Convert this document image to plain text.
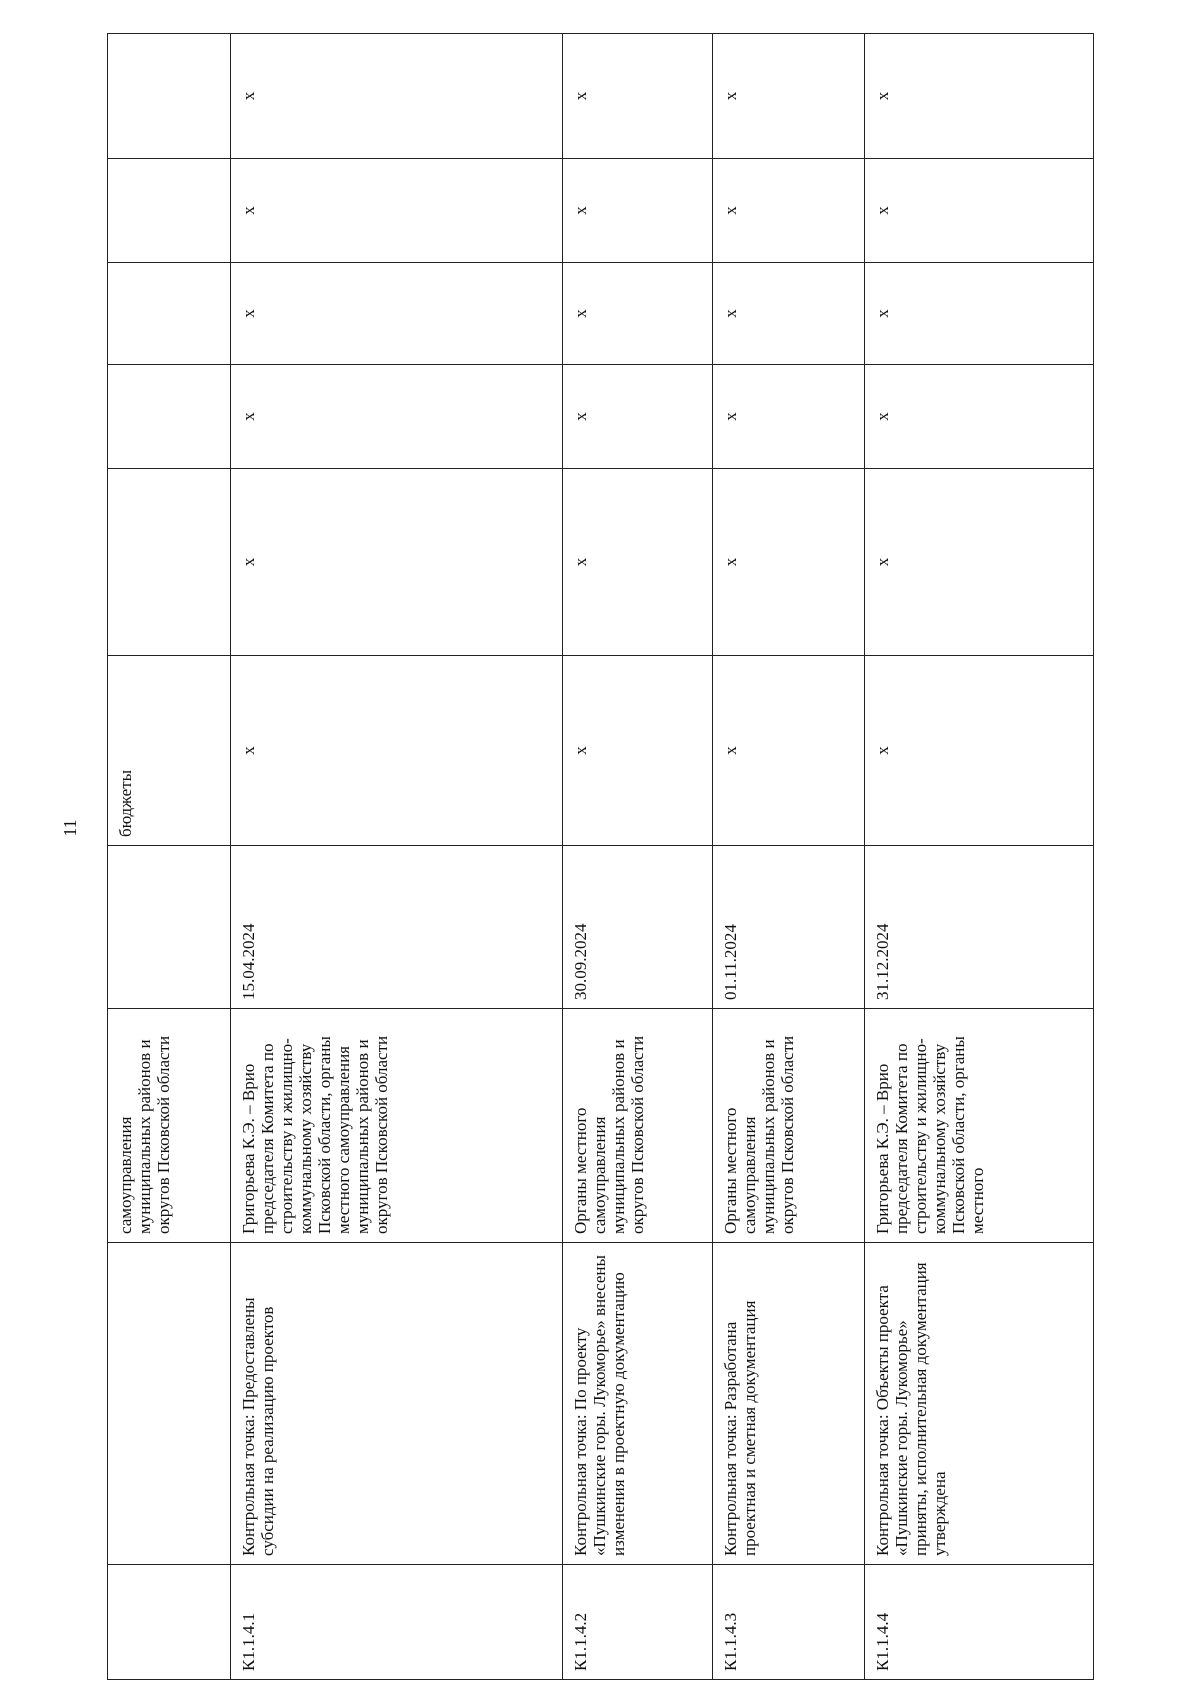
11
		самоуправления муниципальных районов и округов Псковской области		бюджеты					
К1.1.4.1	Контрольная точка: Предоставлены субсидии на реализацию проектов	Григорьева К.Э. – Врио председателя Комитета по строительству и жилищно-коммунальному хозяйству Псковской области, органы местного самоуправления муниципальных районов и округов Псковской области	15.04.2024	х	х	х	х	х	х
К1.1.4.2	Контрольная точка: По проекту «Пушкинские горы. Лукоморье» внесены изменения в проектную документацию	Органы местного самоуправления муниципальных районов и округов Псковской области	30.09.2024	х	х	х	х	х	х
К1.1.4.3	Контрольная точка: Разработана проектная и сметная документация	Органы местного самоуправления муниципальных районов и округов Псковской области	01.11.2024	х	х	х	х	х	х
К1.1.4.4	Контрольная точка: Объекты проекта «Пушкинские горы. Лукоморье» приняты, исполнительная документация утверждена	Григорьева К.Э. – Врио председателя Комитета по строительству и жилищно-коммунальному хозяйству Псковской области, органы местного	31.12.2024	х	х	х	х	х	х
